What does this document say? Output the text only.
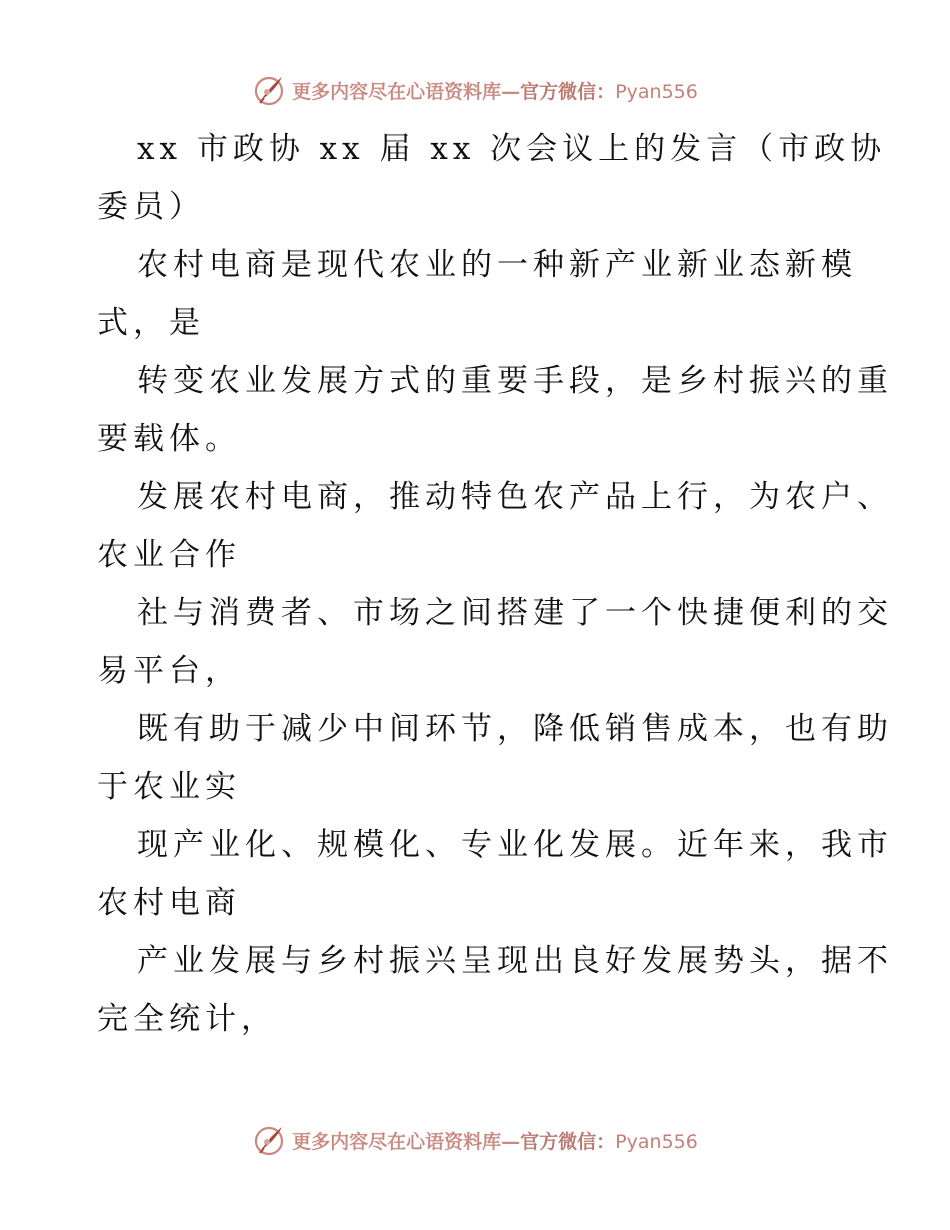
更多内容尽在心语资料库—官方微信：Pyan556
xx 市政协 xx 届 xx 次会议上的发言（市政协
委员）
农村电商是现代农业的一种新产业新业态新模
式，是
转变农业发展方式的重要手段，是乡村振兴的重
要载体。
发展农村电商，推动特色农产品上行，为农户、
农业合作
社与消费者、市场之间搭建了一个快捷便利的交
易平台，
既有助于减少中间环节，降低销售成本，也有助
于农业实
现产业化、规模化、专业化发展。近年来，我市
农村电商
产业发展与乡村振兴呈现出良好发展势头，据不
完全统计，
更多内容尽在心语资料库—官方微信：Pyan556
